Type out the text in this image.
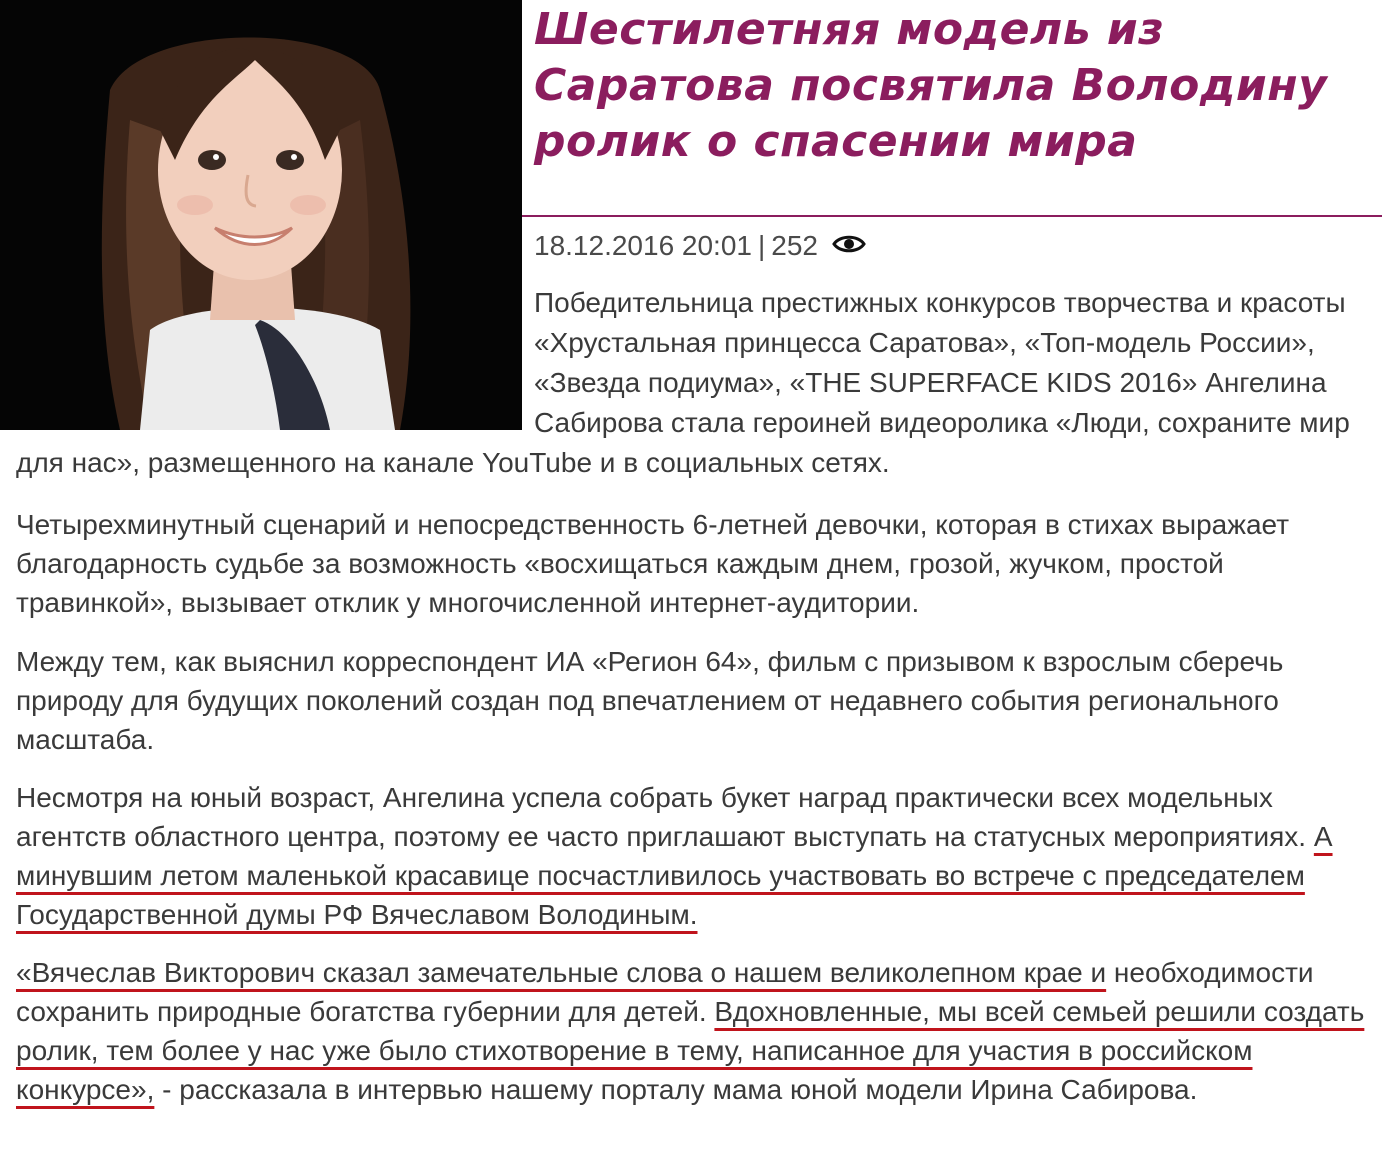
Шестилетняя модель из Саратова посвятила Володину ролик о спасении мира
18.12.2016 20:01 | 252
Победительница престижных конкурсов творчества и красоты «Хрустальная принцесса Саратова», «Топ-модель России», «Звезда подиума», «THE SUPERFACE KIDS 2016» Ангелина Сабирова стала героиней видеоролика «Люди, сохраните мир для нас», размещенного на канале YouTube и в социальных сетях.

Четырехминутный сценарий и непосредственность 6-летней девочки, которая в стихах выражает благодарность судьбе за возможность «восхищаться каждым днем, грозой, жучком, простой травинкой», вызывает отклик у многочисленной интернет-аудитории.

Между тем, как выяснил корреспондент ИА «Регион 64», фильм с призывом к взрослым сберечь природу для будущих поколений создан под впечатлением от недавнего события регионального масштаба.

Несмотря на юный возраст, Ангелина успела собрать букет наград практически всех модельных агентств областного центра, поэтому ее часто приглашают выступать на статусных мероприятиях. А минувшим летом маленькой красавице посчастливилось участвовать во встрече с председателем Государственной думы РФ Вячеславом Володиным.

«Вячеслав Викторович сказал замечательные слова о нашем великолепном крае и необходимости сохранить природные богатства губернии для детей. Вдохновленные, мы всей семьей решили создать ролик, тем более у нас уже было стихотворение в тему, написанное для участия в российском конкурсе», - рассказала в интервью нашему порталу мама юной модели Ирина Сабирова.
